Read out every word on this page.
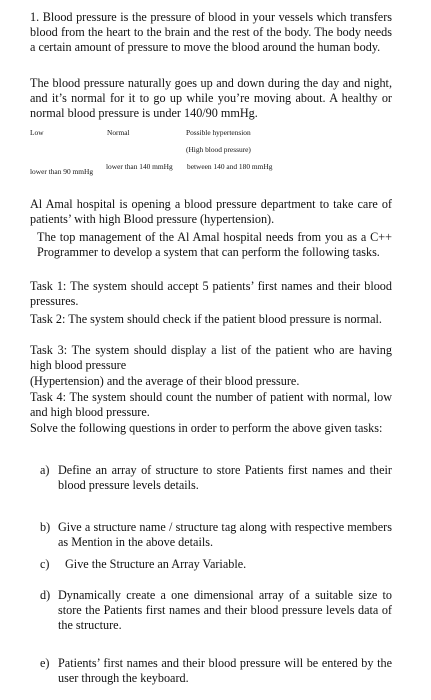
1. Blood pressure is the pressure of blood in your vessels which transfers blood from the heart to the brain and the rest of the body. The body needs a certain amount of pressure to move the blood around the human body.

The blood pressure naturally goes up and down during the day and night, and it’s normal for it to go up while you’re moving about. A healthy or normal blood pressure is under 140/90 mmHg.

Low	Normal	Possible hypertension
(High blood pressure)
lower than 90 mmHg
lower than 140 mmHg between 140 and 180 mmHg

Al Amal hospital is opening a blood pressure department to take care of patients’ with high Blood pressure (hypertension).

The top management of the Al Amal hospital needs from you as a C++ Programmer to develop a system that can perform the following tasks.

Task 1: The system should accept 5 patients’ first names and their blood pressures.

Task 2: The system should check if the patient blood pressure is normal.

Task 3: The system should display a list of the patient who are having high blood pressure

(Hypertension) and the average of their blood pressure.

Task 4: The system should count the number of patient with normal, low and high blood pressure.

Solve the following questions in order to perform the above given tasks:

a) Define an array of structure to store Patients first names and their blood pressure levels details.

b) Give a structure name / structure tag along with respective members as Mention in the above details.

c) Give the Structure an Array Variable.

d) Dynamically create a one dimensional array of a suitable size to store the Patients first names and their blood pressure levels data of the structure.

e) Patients’ first names and their blood pressure will be entered by the user through the keyboard.
